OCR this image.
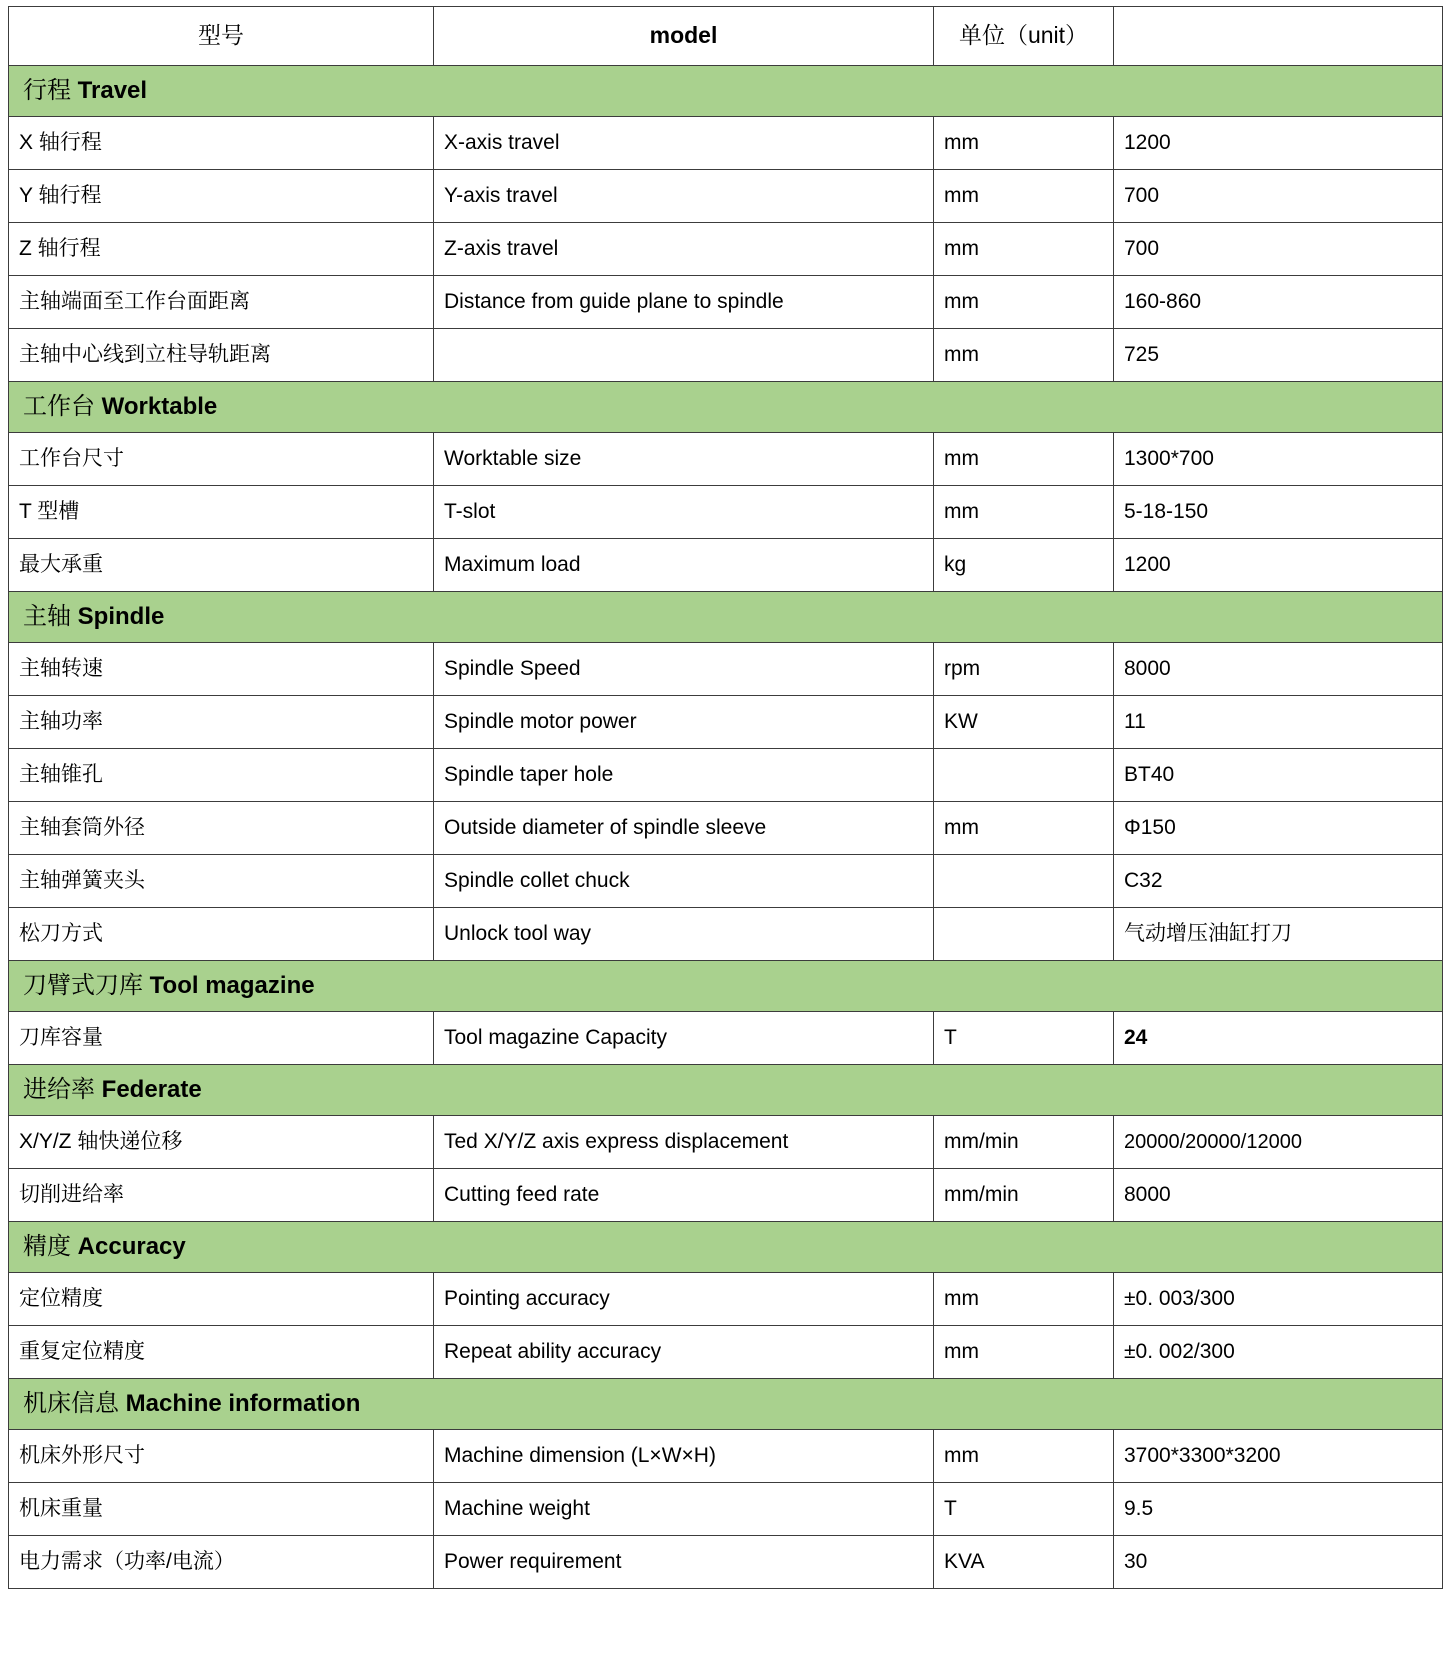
型号	model	单位（unit）	
行程 Travel			
X 轴行程	X-axis travel	mm	1200
Y 轴行程	Y-axis travel	mm	700
Z 轴行程	Z-axis travel	mm	700
主轴端面至工作台面距离	Distance from guide plane to spindle	mm	160-860
主轴中心线到立柱导轨距离		mm	725
工作台 Worktable			
工作台尺寸	Worktable size	mm	1300*700
T 型槽	T-slot	mm	5-18-150
最大承重	Maximum load	kg	1200
主轴 Spindle			
主轴转速	Spindle Speed	rpm	8000
主轴功率	Spindle motor power	KW	11
主轴锥孔	Spindle taper hole		BT40
主轴套筒外径	Outside diameter of spindle sleeve	mm	Φ150
主轴弹簧夹头	Spindle collet chuck		C32
松刀方式	Unlock tool way		气动增压油缸打刀
刀臂式刀库 Tool magazine			
刀库容量	Tool magazine Capacity	T	24
进给率 Federate			
X/Y/Z 轴快递位移	Ted X/Y/Z axis express displacement	mm/min	20000/20000/12000
切削进给率	Cutting feed rate	mm/min	8000
精度 Accuracy			
定位精度	Pointing accuracy	mm	±0. 003/300
重复定位精度	Repeat ability accuracy	mm	±0. 002/300
机床信息 Machine information			
机床外形尺寸	Machine dimension (L×W×H)	mm	3700*3300*3200
机床重量	Machine weight	T	9.5
电力需求（功率/电流）	Power requirement	KVA	30
